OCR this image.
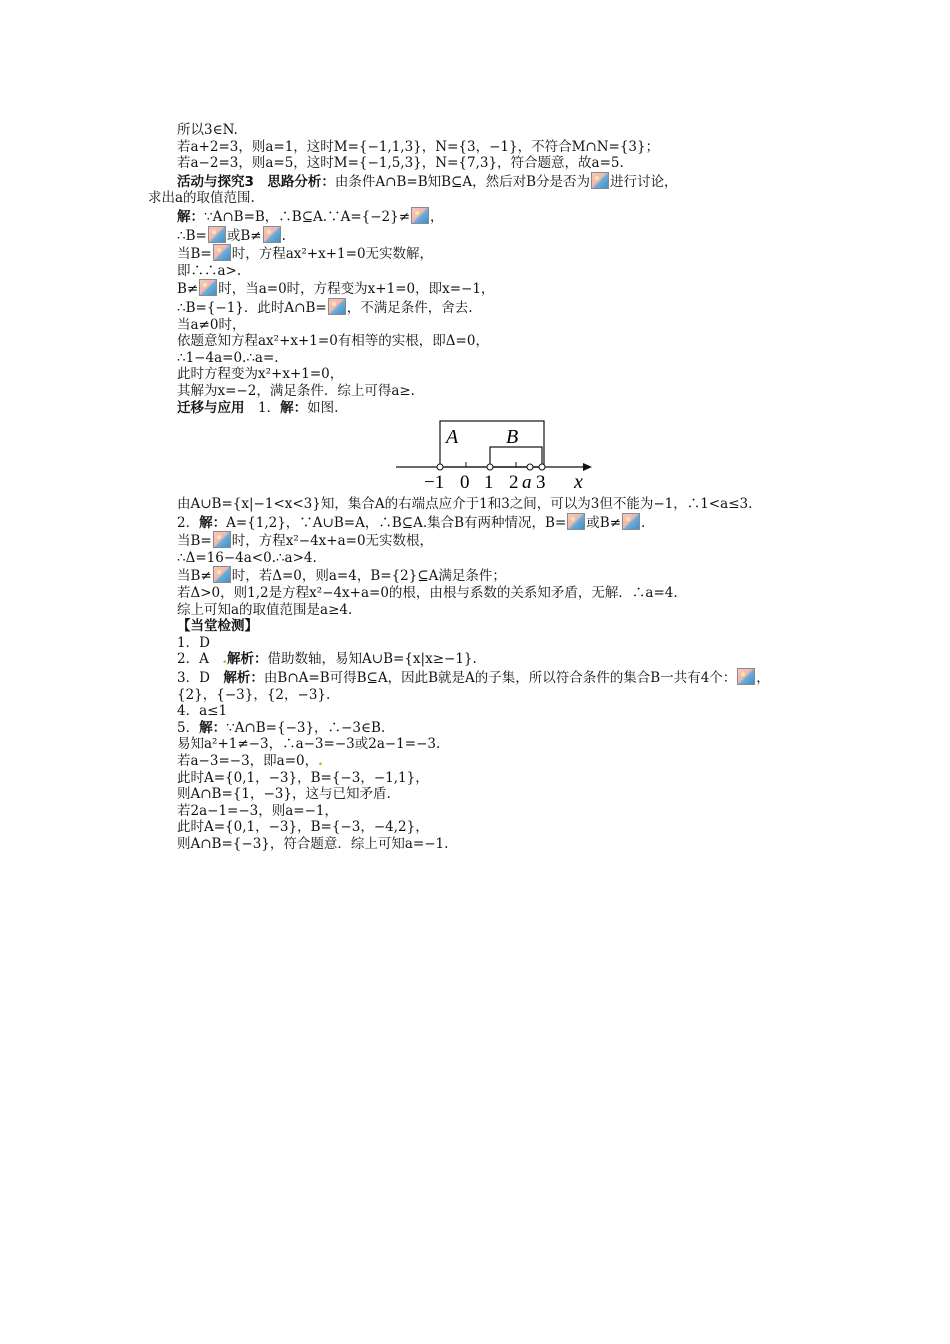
所以3∈N.
若a+2=3，则a=1，这时M={−1,1,3}，N={3，−1}，不符合M∩N={3}；
若a−2=3，则a=5，这时M={−1,5,3}，N={7,3}，符合题意，故a=5.
活动与探究3　思路分析：由条件A∩B=B知B⊆A，然后对B分是否为 进行讨论，
求出a的取值范围.
解：∵A∩B=B，∴B⊆A.∵A={−2}≠ ，
∴B= 或B≠ .
当B= 时，方程ax²+x+1=0无实数解，
即∴∴a>.
B≠ 时，当a=0时，方程变为x+1=0，即x=−1，
∴B={−1}．此时A∩B= ，不满足条件，舍去.
当a≠0时，
依题意知方程ax²+x+1=0有相等的实根，即Δ=0，
∴1−4a=0.∴a=.
此时方程变为x²+x+1=0，
其解为x=−2，满足条件．综上可得a≥.
迁移与应用　1．解：如图.
A B
−1 0 1 2 a 3 x
由A∪B={x|−1<x<3}知，集合A的右端点应介于1和3之间，可以为3但不能为−1，∴1<a≤3.
2．解：A={1,2}，∵A∪B=A，∴B⊆A.集合B有两种情况，B= 或B≠ .
当B= 时，方程x²−4x+a=0无实数根，
∴Δ=16−4a<0.∴a>4.
当B≠ 时，若Δ=0，则a=4，B={2}⊆A满足条件；
若Δ>0，则1,2是方程x²−4x+a=0的根，由根与系数的关系知矛盾，无解．∴a=4.
综上可知a的取值范围是a≥4.
【当堂检测】
1．D
2．A　 .解析：借助数轴，易知A∪B={x|x≥−1}.
3．D　 解析：由B∩A=B可得B⊆A，因此B就是A的子集，所以符合条件的集合B一共有4个： ，{2}，{−3}，{2，−3}.
4．a≤1
5．解：∵A∩B={−3}，∴−3∈B.
易知a²+1≠−3，∴a−3=−3或2a−1=−3.
若a−3=−3，即a=0，.
此时A={0,1，−3}，B={−3，−1,1}，
则A∩B={1，−3}，这与已知矛盾.
若2a−1=−3，则a=−1，
此时A={0,1，−3}，B={−3，−4,2}，
则A∩B={−3}，符合题意．综上可知a=−1.
